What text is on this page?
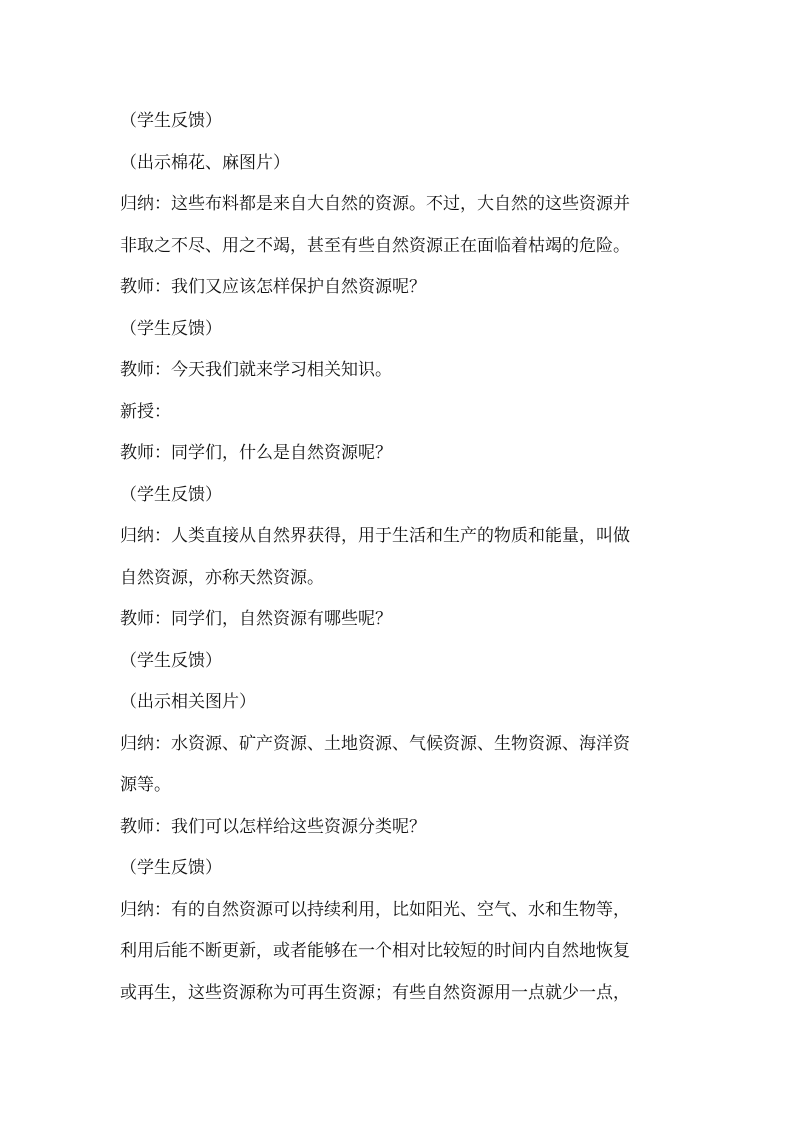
（学生反馈）

（出示棉花、麻图片）

归纳：这些布料都是来自大自然的资源。不过，大自然的这些资源并

非取之不尽、用之不竭，甚至有些自然资源正在面临着枯竭的危险。

教师：我们又应该怎样保护自然资源呢？

（学生反馈）

教师：今天我们就来学习相关知识。

新授：

教师：同学们，什么是自然资源呢？

（学生反馈）

归纳：人类直接从自然界获得，用于生活和生产的物质和能量，叫做

自然资源，亦称天然资源。

教师：同学们，自然资源有哪些呢？

（学生反馈）

（出示相关图片）

归纳：水资源、矿产资源、土地资源、气候资源、生物资源、海洋资

源等。

教师：我们可以怎样给这些资源分类呢？

（学生反馈）

归纳：有的自然资源可以持续利用，比如阳光、空气、水和生物等，

利用后能不断更新，或者能够在一个相对比较短的时间内自然地恢复

或再生，这些资源称为可再生资源；有些自然资源用一点就少一点，
